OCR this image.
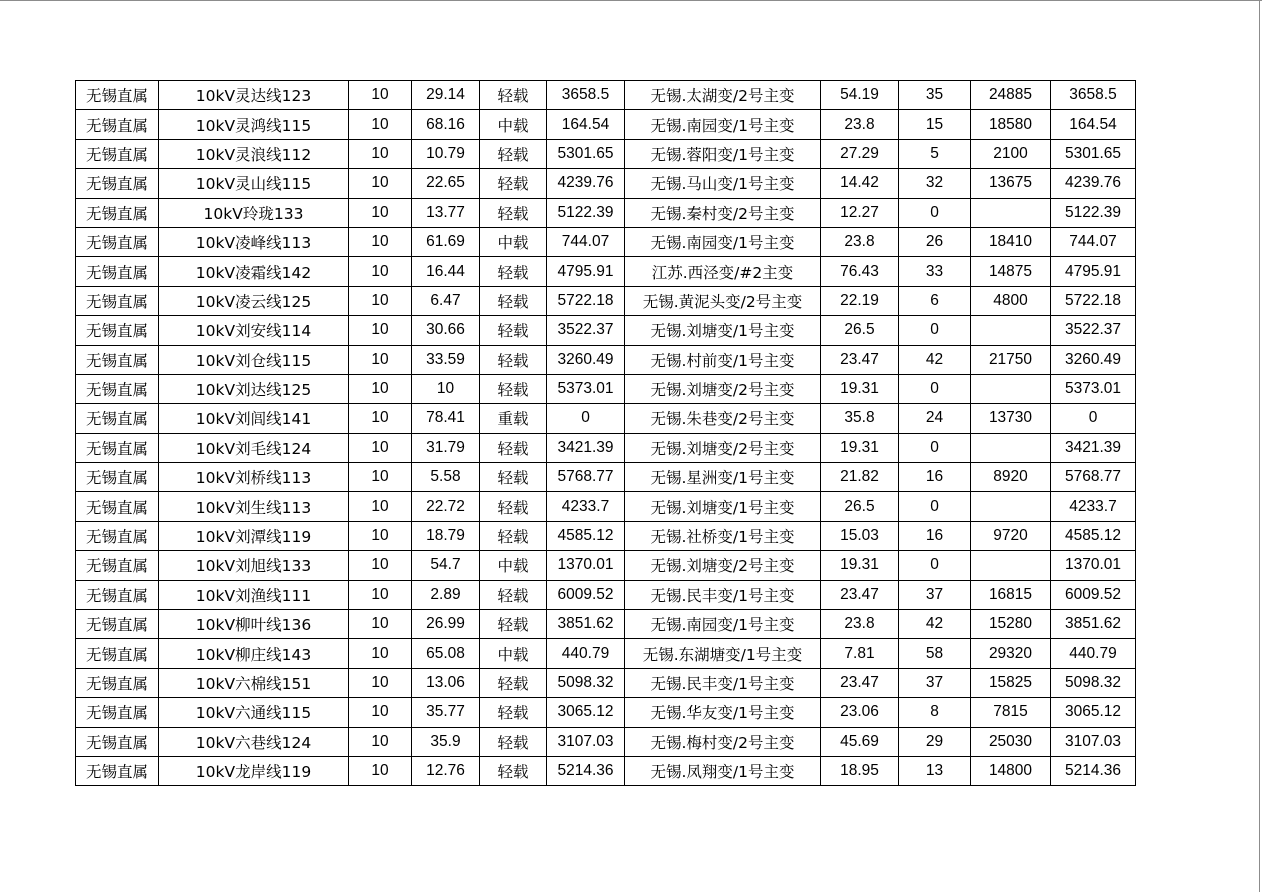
无锡直属	10kV灵达线123	10	29.14	轻载	3658.5	无锡.太湖变/2号主变	54.19	35	24885	3658.5
无锡直属	10kV灵鸿线115	10	68.16	中载	164.54	无锡.南园变/1号主变	23.8	15	18580	164.54
无锡直属	10kV灵浪线112	10	10.79	轻载	5301.65	无锡.蓉阳变/1号主变	27.29	5	2100	5301.65
无锡直属	10kV灵山线115	10	22.65	轻载	4239.76	无锡.马山变/1号主变	14.42	32	13675	4239.76
无锡直属	10kV玲珑133	10	13.77	轻载	5122.39	无锡.秦村变/2号主变	12.27	0		5122.39
无锡直属	10kV凌峰线113	10	61.69	中载	744.07	无锡.南园变/1号主变	23.8	26	18410	744.07
无锡直属	10kV凌霜线142	10	16.44	轻载	4795.91	江苏.西泾变/#2主变	76.43	33	14875	4795.91
无锡直属	10kV凌云线125	10	6.47	轻载	5722.18	无锡.黄泥头变/2号主变	22.19	6	4800	5722.18
无锡直属	10kV刘安线114	10	30.66	轻载	3522.37	无锡.刘塘变/1号主变	26.5	0		3522.37
无锡直属	10kV刘仓线115	10	33.59	轻载	3260.49	无锡.村前变/1号主变	23.47	42	21750	3260.49
无锡直属	10kV刘达线125	10	10	轻载	5373.01	无锡.刘塘变/2号主变	19.31	0		5373.01
无锡直属	10kV刘闾线141	10	78.41	重载	0	无锡.朱巷变/2号主变	35.8	24	13730	0
无锡直属	10kV刘毛线124	10	31.79	轻载	3421.39	无锡.刘塘变/2号主变	19.31	0		3421.39
无锡直属	10kV刘桥线113	10	5.58	轻载	5768.77	无锡.星洲变/1号主变	21.82	16	8920	5768.77
无锡直属	10kV刘生线113	10	22.72	轻载	4233.7	无锡.刘塘变/1号主变	26.5	0		4233.7
无锡直属	10kV刘潭线119	10	18.79	轻载	4585.12	无锡.社桥变/1号主变	15.03	16	9720	4585.12
无锡直属	10kV刘旭线133	10	54.7	中载	1370.01	无锡.刘塘变/2号主变	19.31	0		1370.01
无锡直属	10kV刘渔线111	10	2.89	轻载	6009.52	无锡.民丰变/1号主变	23.47	37	16815	6009.52
无锡直属	10kV柳叶线136	10	26.99	轻载	3851.62	无锡.南园变/1号主变	23.8	42	15280	3851.62
无锡直属	10kV柳庄线143	10	65.08	中载	440.79	无锡.东湖塘变/1号主变	7.81	58	29320	440.79
无锡直属	10kV六棉线151	10	13.06	轻载	5098.32	无锡.民丰变/1号主变	23.47	37	15825	5098.32
无锡直属	10kV六通线115	10	35.77	轻载	3065.12	无锡.华友变/1号主变	23.06	8	7815	3065.12
无锡直属	10kV六巷线124	10	35.9	轻载	3107.03	无锡.梅村变/2号主变	45.69	29	25030	3107.03
无锡直属	10kV龙岸线119	10	12.76	轻载	5214.36	无锡.凤翔变/1号主变	18.95	13	14800	5214.36
